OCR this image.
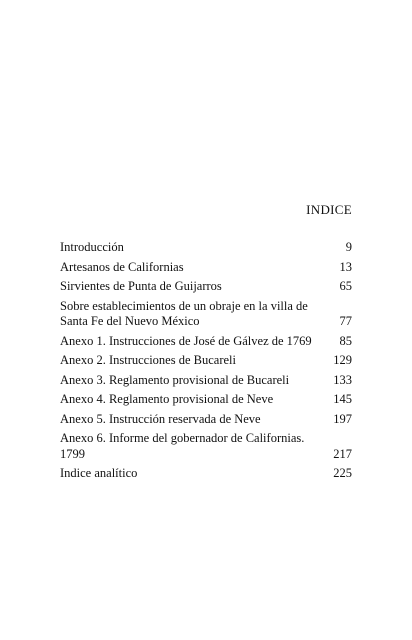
INDICE
Introducción	9
Artesanos de Californias	13
Sirvientes de Punta de Guijarros	65
Sobre establecimientos de un obraje en la villa de
Santa Fe del Nuevo México	77
Anexo 1. Instrucciones de José de Gálvez de 1769	85
Anexo 2. Instrucciones de Bucareli	129
Anexo 3. Reglamento provisional de Bucareli	133
Anexo 4. Reglamento provisional de Neve	145
Anexo 5. Instrucción reservada de Neve	197
Anexo 6. Informe del gobernador de Californias.
1799	217
Indice analítico	225
